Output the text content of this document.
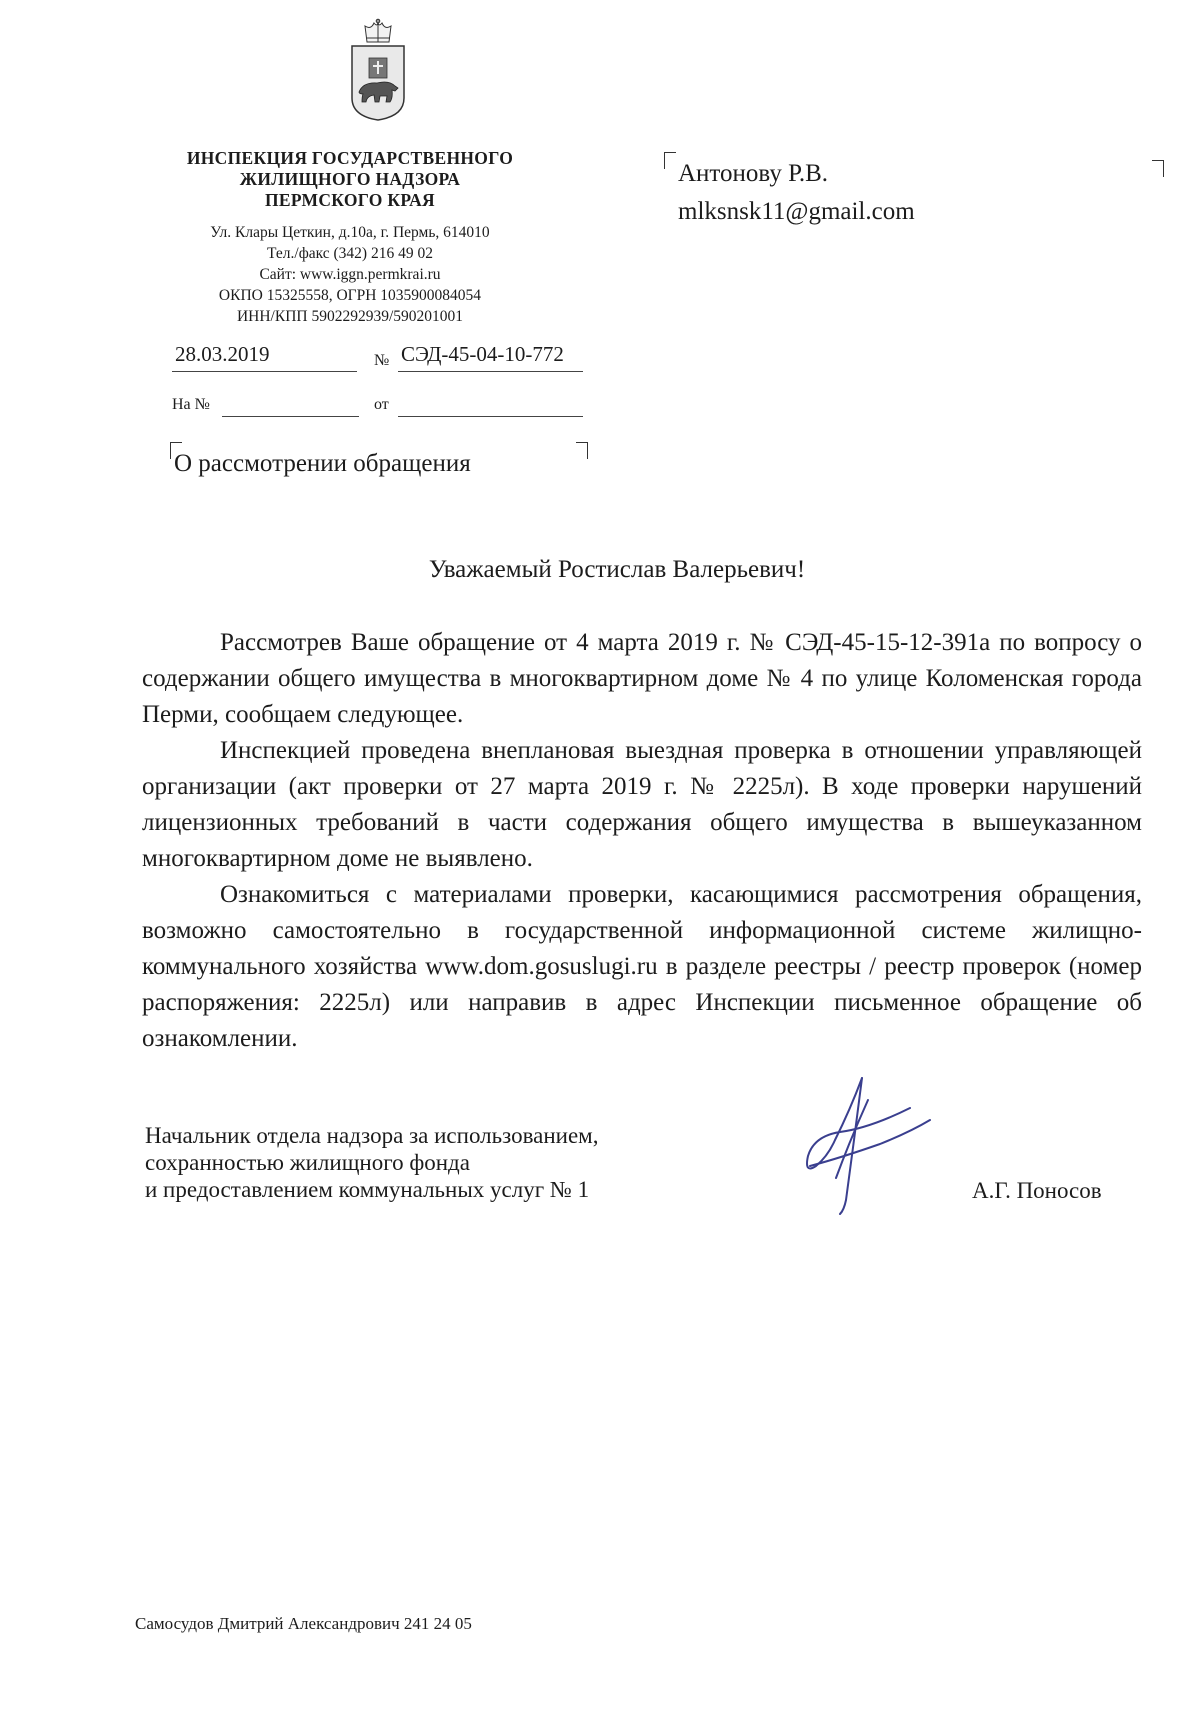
ИНСПЕКЦИЯ ГОСУДАРСТВЕННОГО
ЖИЛИЩНОГО НАДЗОРА
ПЕРМСКОГО КРАЯ
Ул. Клары Цеткин, д.10а, г. Пермь, 614010
Тел./факс (342) 216 49 02
Сайт: www.iggn.permkrai.ru
ОКПО 15325558, ОГРН 1035900084054
ИНН/КПП 5902292939/590201001
28.03.2019	№ СЭД-45-04-10-772
На №	от
О рассмотрении обращения
Антонову Р.В.
mlksnsk11@gmail.com
Уважаемый Ростислав Валерьевич!

Рассмотрев Ваше обращение от 4 марта 2019 г. № СЭД-45-15-12-391а по вопросу о содержании общего имущества в многоквартирном доме № 4 по улице Коломенская города Перми, сообщаем следующее.

Инспекцией проведена внеплановая выездная проверка в отношении управляющей организации (акт проверки от 27 марта 2019 г. № 2225л). В ходе проверки нарушений лицензионных требований в части содержания общего имущества в вышеуказанном многоквартирном доме не выявлено.

Ознакомиться с материалами проверки, касающимися рассмотрения обращения, возможно самостоятельно в государственной информационной системе жилищно-коммунального хозяйства www.dom.gosuslugi.ru в разделе реестры / реестр проверок (номер распоряжения: 2225л) или направив в адрес Инспекции письменное обращение об ознакомлении.

Начальник отдела надзора за использованием,
сохранностью жилищного фонда
и предоставлением коммунальных услуг № 1	А.Г. Поносов
Самосудов Дмитрий Александрович 241 24 05
